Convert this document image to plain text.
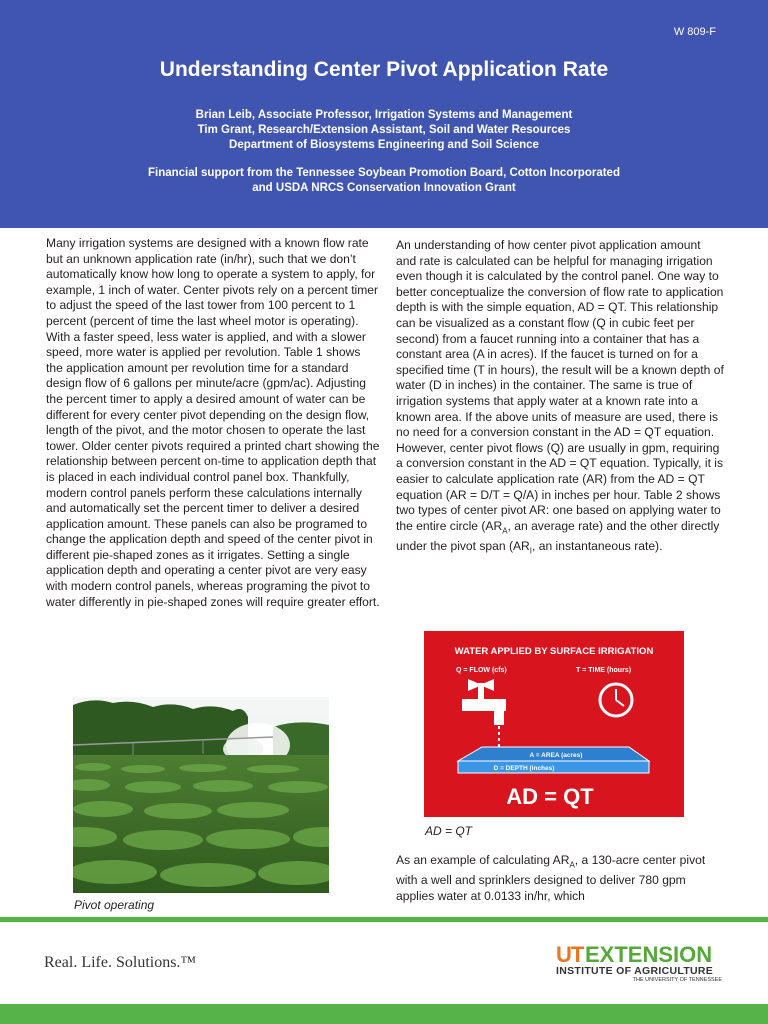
W 809-F
Understanding Center Pivot Application Rate
Brian Leib, Associate Professor, Irrigation Systems and Management
Tim Grant, Research/Extension Assistant, Soil and Water Resources
Department of Biosystems Engineering and Soil Science
Financial support from the Tennessee Soybean Promotion Board, Cotton Incorporated
and USDA NRCS Conservation Innovation Grant
Many irrigation systems are designed with a known flow rate but an unknown application rate (in/hr), such that we don’t automatically know how long to operate a system to apply, for example, 1 inch of water. Center pivots rely on a percent timer to adjust the speed of the last tower from 100 percent to 1 percent (percent of time the last wheel motor is operating). With a faster speed, less water is applied, and with a slower speed, more water is applied per revolution. Table 1 shows the application amount per revolution time for a standard design flow of 6 gallons per minute/acre (gpm/ac). Adjusting the percent timer to apply a desired amount of water can be different for every center pivot depending on the design flow, length of the pivot, and the motor chosen to operate the last tower. Older center pivots required a printed chart showing the relationship between percent on-time to application depth that is placed in each individual control panel box. Thankfully, modern control panels perform these calculations internally and automatically set the percent timer to deliver a desired application amount. These panels can also be programed to change the application depth and speed of the center pivot in different pie-shaped zones as it irrigates. Setting a single application depth and operating a center pivot are very easy with modern control panels, whereas programing the pivot to water differently in pie-shaped zones will require greater effort.
An understanding of how center pivot application amount and rate is calculated can be helpful for managing irrigation even though it is calculated by the control panel. One way to better conceptualize the conversion of flow rate to application depth is with the simple equation, AD = QT. This relationship can be visualized as a constant flow (Q in cubic feet per second) from a faucet running into a container that has a constant area (A in acres). If the faucet is turned on for a specified time (T in hours), the result will be a known depth of water (D in inches) in the container. The same is true of irrigation systems that apply water at a known rate into a known area. If the above units of measure are used, there is no need for a conversion constant in the AD = QT equation. However, center pivot flows (Q) are usually in gpm, requiring a conversion constant in the AD = QT equation. Typically, it is easier to calculate application rate (AR) from the AD = QT equation (AR = D/T = Q/A) in inches per hour. Table 2 shows two types of center pivot AR: one based on applying water to the entire circle ($AR_A$, an average rate) and the other directly under the pivot span ($AR_I$, an instantaneous rate).
Pivot operating
WATER APPLIED BY SURFACE IRRIGATION
Q = FLOW (cfs)	T = TIME (hours)
A = AREA (acres)
D = DEPTH (inches)
AD = QT
AD = QT
As an example of calculating $AR_A$, a 130-acre center pivot with a well and sprinklers designed to deliver 780 gpm applies water at 0.0133 in/hr, which
Real. Life. Solutions.™	UT EXTENSION
INSTITUTE OF AGRICULTURE
THE UNIVERSITY OF TENNESSEE
